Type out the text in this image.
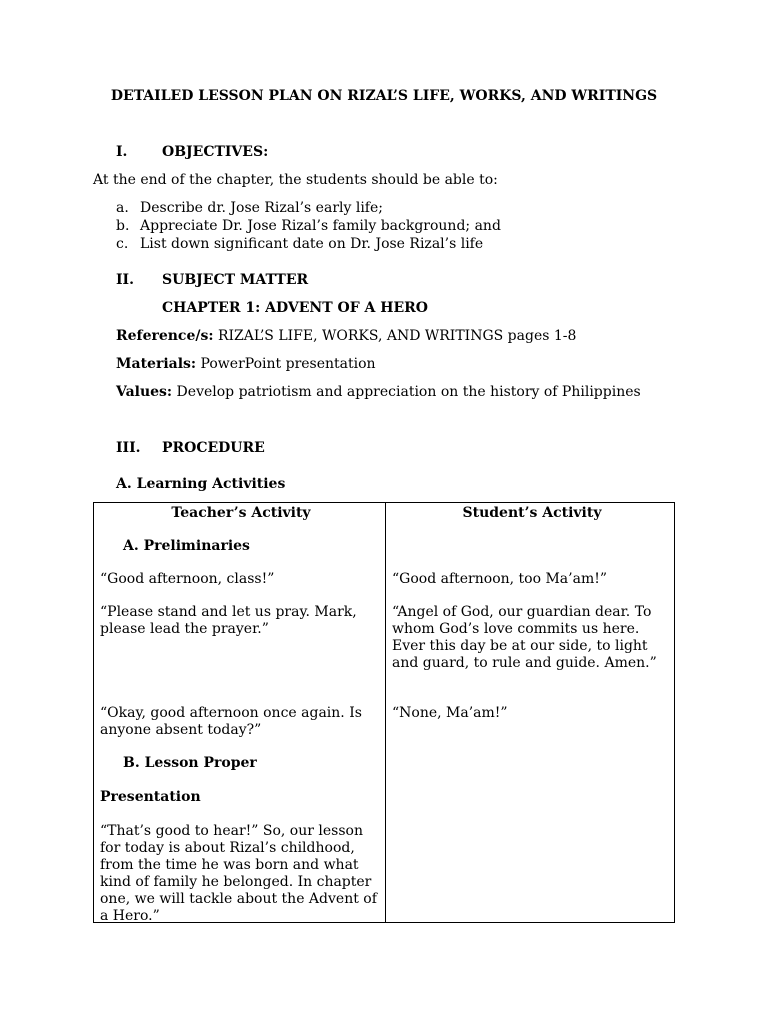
DETAILED LESSON PLAN ON RIZAL’S LIFE, WORKS, AND WRITINGS
I. OBJECTIVES:
At the end of the chapter, the students should be able to:
a. Describe dr. Jose Rizal’s early life;
b. Appreciate Dr. Jose Rizal’s family background; and
c. List down significant date on Dr. Jose Rizal’s life
II. SUBJECT MATTER
CHAPTER 1: ADVENT OF A HERO
Reference/s: RIZAL’S LIFE, WORKS, AND WRITINGS pages 1-8
Materials: PowerPoint presentation
Values: Develop patriotism and appreciation on the history of Philippines
III. PROCEDURE
A. Learning Activities
Teacher’s Activity	Student’s Activity
A. Preliminaries
“Good afternoon, class!”	“Good afternoon, too Ma’am!”
“Please stand and let us pray. Mark, please lead the prayer.”
“Angel of God, our guardian dear. To whom God’s love commits us here. Ever this day be at our side, to light and guard, to rule and guide. Amen.”
“Okay, good afternoon once again. Is anyone absent today?”
“None, Ma’am!”
B. Lesson Proper
Presentation
“That’s good to hear!” So, our lesson for today is about Rizal’s childhood, from the time he was born and what kind of family he belonged. In chapter one, we will tackle about the Advent of a Hero.”
